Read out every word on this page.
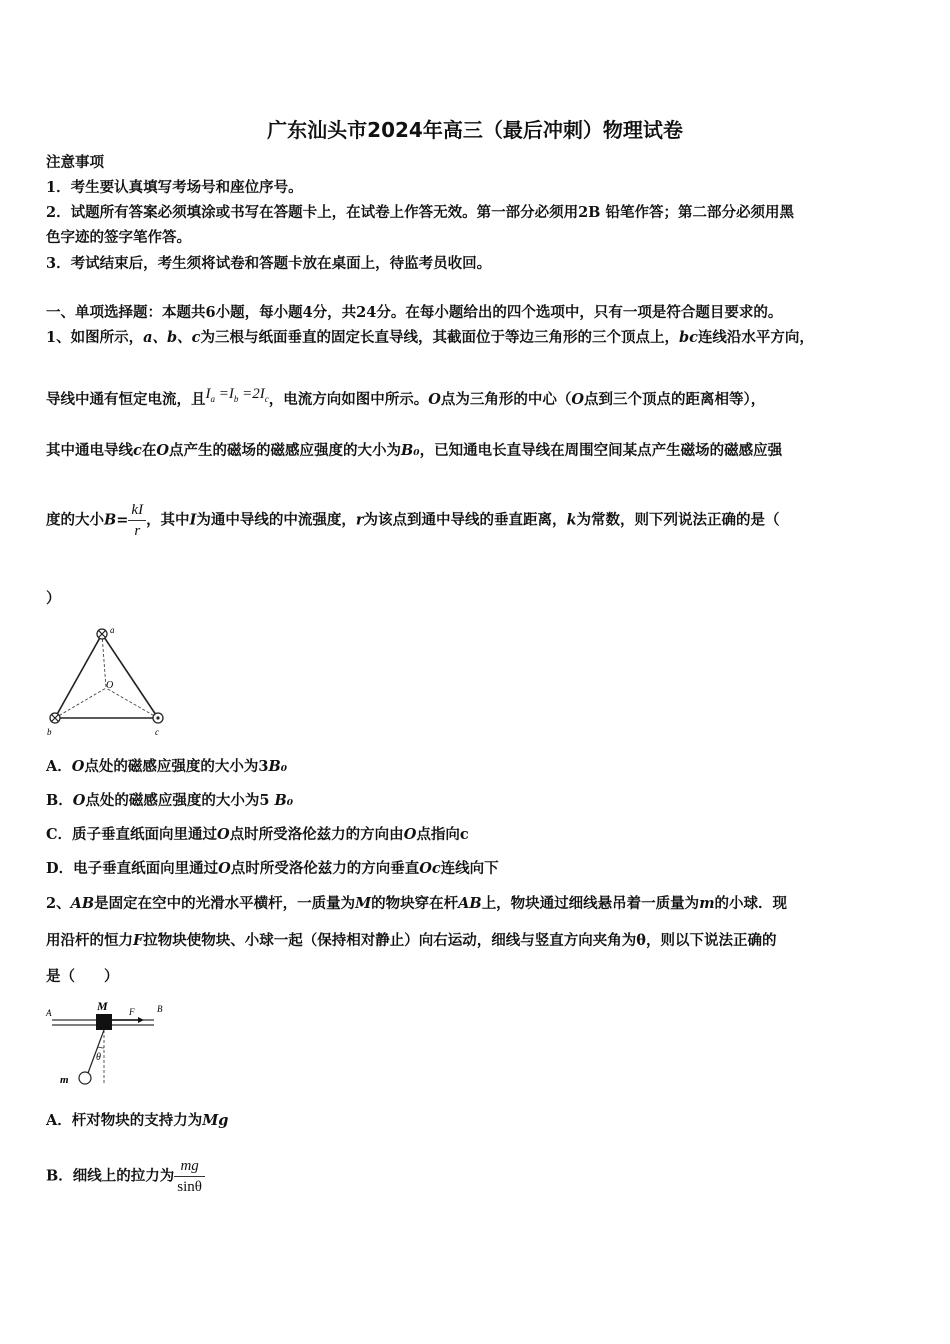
广东汕头市2024年高三（最后冲刺）物理试卷
注意事项
1．考生要认真填写考场号和座位序号。
2．试题所有答案必须填涂或书写在答题卡上，在试卷上作答无效。第一部分必须用2B 铅笔作答；第二部分必须用黑
色字迹的签字笔作答。
3．考试结束后，考生须将试卷和答题卡放在桌面上，待监考员收回。
一、单项选择题：本题共6小题，每小题4分，共24分。在每小题给出的四个选项中，只有一项是符合题目要求的。
1、如图所示，a、b、c为三根与纸面垂直的固定长直导线，其截面位于等边三角形的三个顶点上，bc连线沿水平方向，
导线中通有恒定电流，且$I_a =I_b =2I_c$，电流方向如图中所示。O点为三角形的中心（O点到三个顶点的距离相等），
其中通电导线c在O点产生的磁场的磁感应强度的大小为B₀，已知通电长直导线在周围空间某点产生磁场的磁感应强
度的大小$B= \frac{kI}{r}$ ，其中I为通中导线的中流强度，r为该点到通中导线的垂直距离，k为常数，则下列说法正确的是（
）
a
O
b	c
A．O点处的磁感应强度的大小为3B₀
B．O点处的磁感应强度的大小为5 B₀
C．质子垂直纸面向里通过O点时所受洛伦兹力的方向由O点指向c
D．电子垂直纸面向里通过O点时所受洛伦兹力的方向垂直Oc连线向下
2、AB是固定在空中的光滑水平横杆，一质量为M的物块穿在杆AB上，物块通过细线悬吊着一质量为m的小球．现
用沿杆的恒力F拉物块使物块、小球一起（保持相对静止）向右运动，细线与竖直方向夹角为θ，则以下说法正确的
是（　　）
A	B
M F
θ
m
A．杆对物块的支持力为Mg
B．细线上的拉力为 $\frac{mg}{\sin\theta}$
